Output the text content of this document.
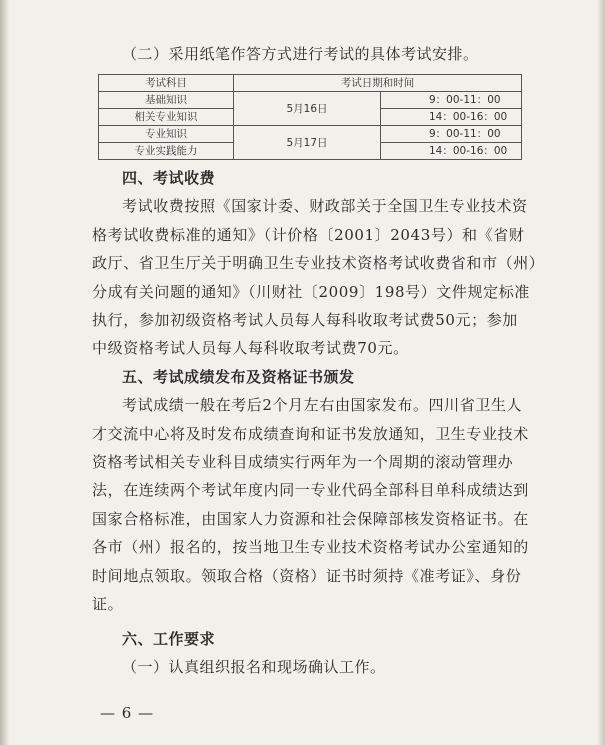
（二）采用纸笔作答方式进行考试的具体考试安排。
考试科目	考试日期和时间	
基础知识	5月16日	9：00-11：00
相关专业知识		14：00-16：00
专业知识	5月17日	9：00-11：00
专业实践能力		14：00-16：00
四、考试收费
考试收费按照《国家计委、财政部关于全国卫生专业技术资
格考试收费标准的通知》（计价格〔2001〕2043号）和《省财
政厅、省卫生厅关于明确卫生专业技术资格考试收费省和市（州）
分成有关问题的通知》（川财社〔2009〕198号）文件规定标准
执行，参加初级资格考试人员每人每科收取考试费50元；参加
中级资格考试人员每人每科收取考试费70元。
五、考试成绩发布及资格证书颁发
考试成绩一般在考后2个月左右由国家发布。四川省卫生人
才交流中心将及时发布成绩查询和证书发放通知，卫生专业技术
资格考试相关专业科目成绩实行两年为一个周期的滚动管理办
法，在连续两个考试年度内同一专业代码全部科目单科成绩达到
国家合格标准，由国家人力资源和社会保障部核发资格证书。在
各市（州）报名的，按当地卫生专业技术资格考试办公室通知的
时间地点领取。领取合格（资格）证书时须持《准考证》、身份
证。
六、工作要求
（一）认真组织报名和现场确认工作。
— 6 —
